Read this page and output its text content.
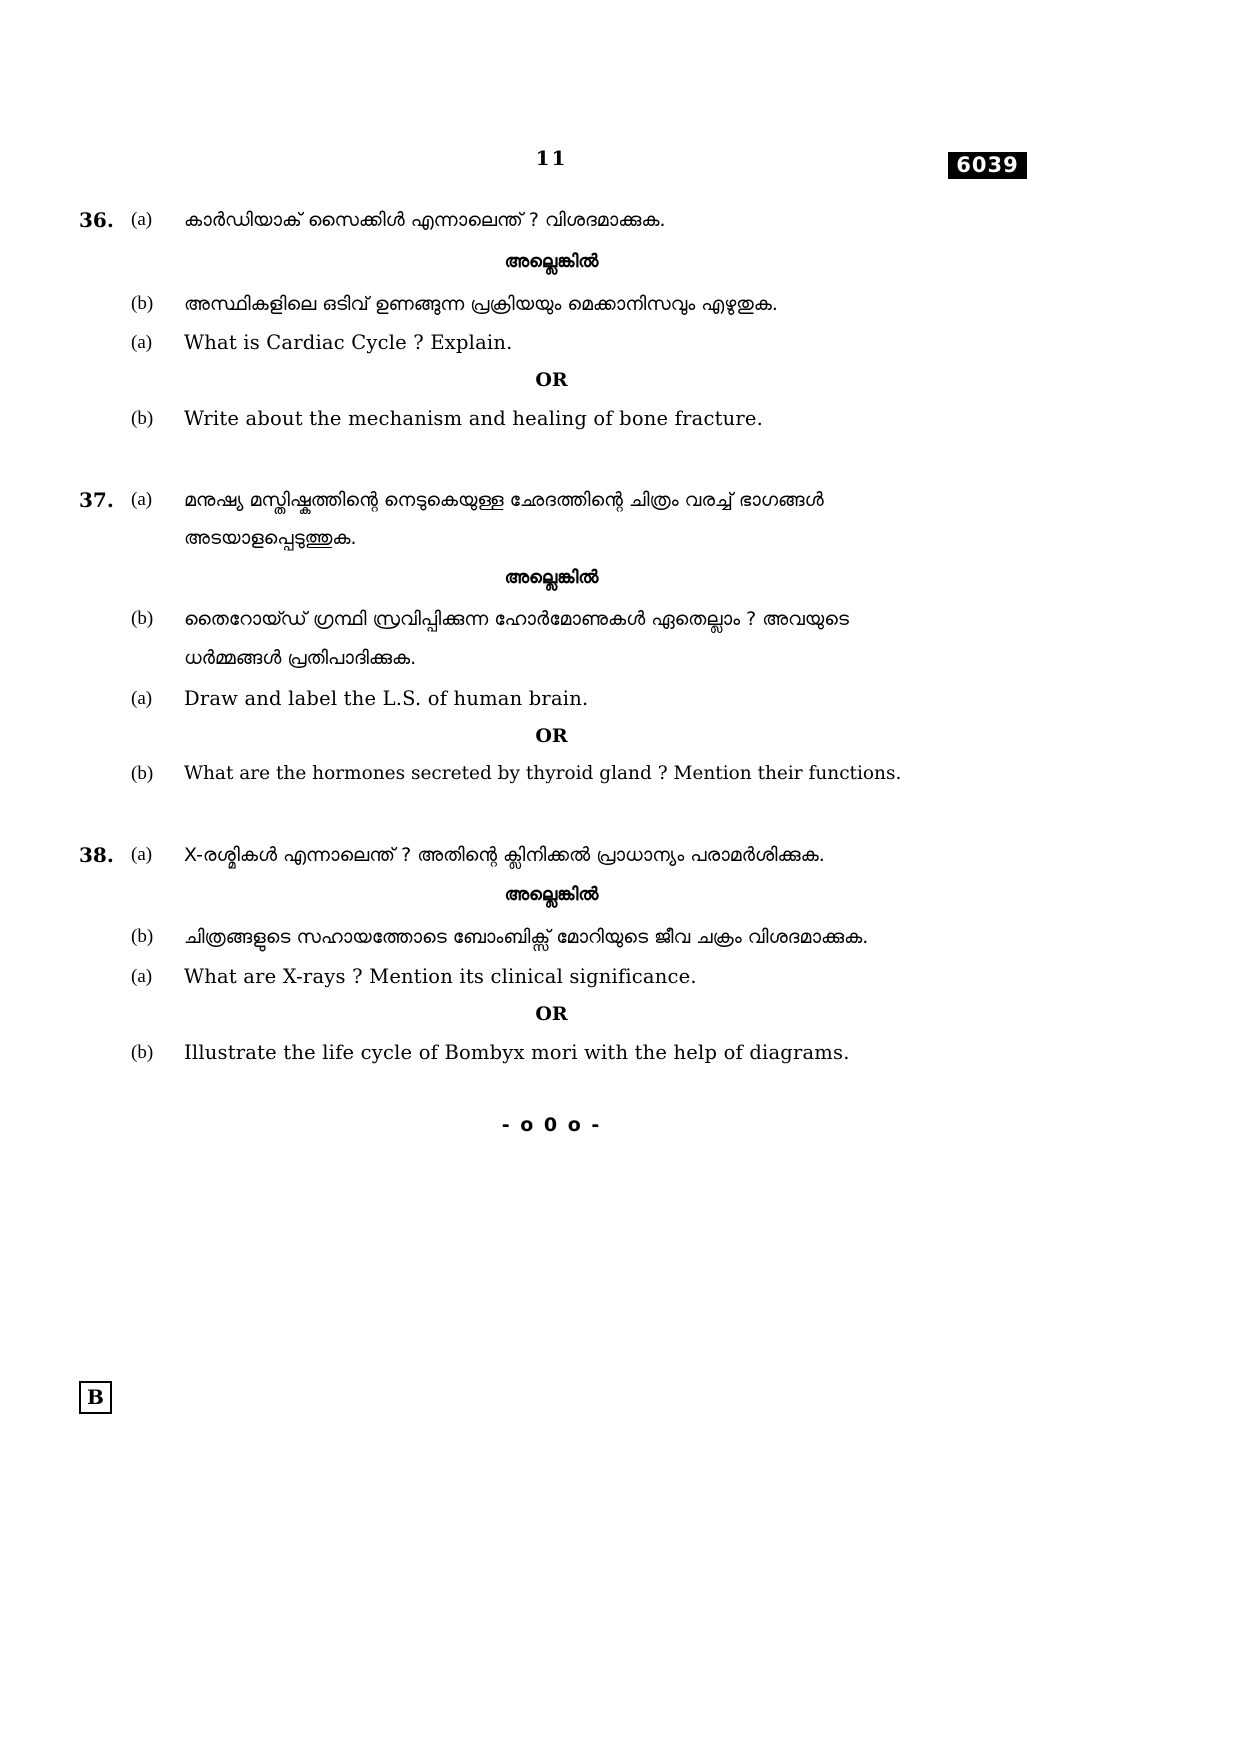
11	6039
36. (a) കാർഡിയാക് സൈക്കിൾ എന്നാലെന്ത് ? വിശദമാക്കുക.
അല്ലെങ്കിൽ
(b) അസ്ഥികളിലെ ഒടിവ് ഉണങ്ങുന്ന പ്രക്രിയയും മെക്കാനിസവും എഴുതുക.
(a) What is Cardiac Cycle ? Explain.
OR
(b) Write about the mechanism and healing of bone fracture.
37. (a) മനുഷ്യ മസ്തിഷ്കത്തിന്റെ നെടുകെയുള്ള ഛേദത്തിന്റെ ചിത്രം വരച്ച് ഭാഗങ്ങൾ
അടയാളപ്പെടുത്തുക.
അല്ലെങ്കിൽ
(b) തൈറോയ്ഡ് ഗ്രന്ഥി സ്രവിപ്പിക്കുന്ന ഹോർമോണുകൾ ഏതെല്ലാം ? അവയുടെ
ധർമ്മങ്ങൾ പ്രതിപാദിക്കുക.
(a) Draw and label the L.S. of human brain.
OR
(b) What are the hormones secreted by thyroid gland ? Mention their functions.
38. (a) X-രശ്മികൾ എന്നാലെന്ത് ? അതിന്റെ ക്ലിനിക്കൽ പ്രാധാന്യം പരാമർശിക്കുക.
അല്ലെങ്കിൽ
(b) ചിത്രങ്ങളുടെ സഹായത്തോടെ ബോംബിക്സ് മോറിയുടെ ജീവ ചക്രം വിശദമാക്കുക.
(a) What are X-rays ? Mention its clinical significance.
OR
(b) Illustrate the life cycle of Bombyx mori with the help of diagrams.
- o 0 o -
B
